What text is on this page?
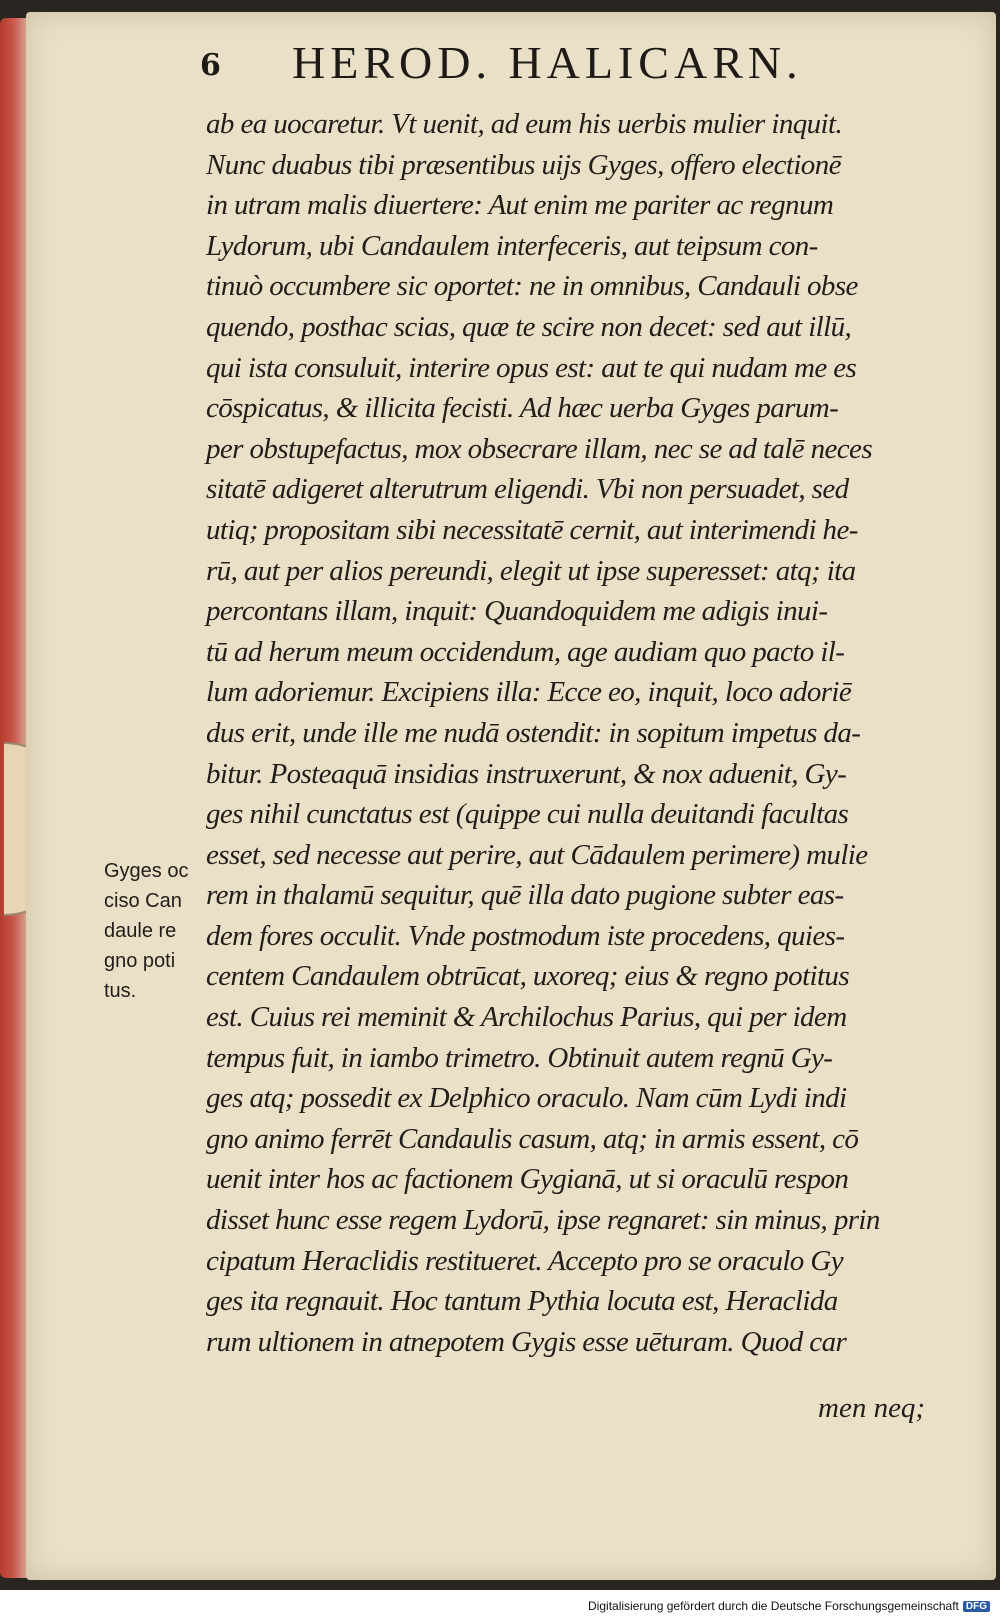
6 HEROD. HALICARN.
ab ea uocaretur. Vt uenit, ad eum his uerbis mulier inquit.
Nunc duabus tibi præsentibus uijs Gyges, offero electionē
in utram malis diuertere: Aut enim me pariter ac regnum
Lydorum, ubi Candaulem interfeceris, aut teipsum con-
tinuò occumbere sic oportet: ne in omnibus, Candauli obse
quendo, posthac scias, quæ te scire non decet: sed aut illū,
qui ista consuluit, interire opus est: aut te qui nudam me es
cōspicatus, & illicita fecisti. Ad hæc uerba Gyges parum-
per obstupefactus, mox obsecrare illam, nec se ad talē neces
sitatē adigeret alterutrum eligendi. Vbi non persuadet, sed
utiq; propositam sibi necessitatē cernit, aut interimendi he-
rū, aut per alios pereundi, elegit ut ipse superesset: atq; ita
percontans illam, inquit: Quandoquidem me adigis inui-
tū ad herum meum occidendum, age audiam quo pacto il-
lum adoriemur. Excipiens illa: Ecce eo, inquit, loco adoriē
dus erit, unde ille me nudā ostendit: in sopitum impetus da-
bitur. Posteaquā insidias instruxerunt, & nox aduenit, Gy-
ges nihil cunctatus est (quippe cui nulla deuitandi facultas
esset, sed necesse aut perire, aut Cādaulem perimere) mulie
rem in thalamū sequitur, quē illa dato pugione subter eas-
dem fores occulit. Vnde postmodum iste procedens, quies-
centem Candaulem obtrūcat, uxoreq; eius & regno potitus
est. Cuius rei meminit & Archilochus Parius, qui per idem
tempus fuit, in iambo trimetro. Obtinuit autem regnū Gy-
ges atq; possedit ex Delphico oraculo. Nam cūm Lydi indi
gno animo ferrēt Candaulis casum, atq; in armis essent, cō
uenit inter hos ac factionem Gygianā, ut si oraculū respon
disset hunc esse regem Lydorū, ipse regnaret: sin minus, prin
cipatum Heraclidis restitueret. Accepto pro se oraculo Gy
ges ita regnauit. Hoc tantum Pythia locuta est, Heraclida
rum ultionem in atnepotem Gygis esse uēturam. Quod car
men neq;
Gyges oc
ciso Can
daule re
gno poti
tus.
Digitalisierung gefördert durch die Deutsche Forschungsgemeinschaft DFG
